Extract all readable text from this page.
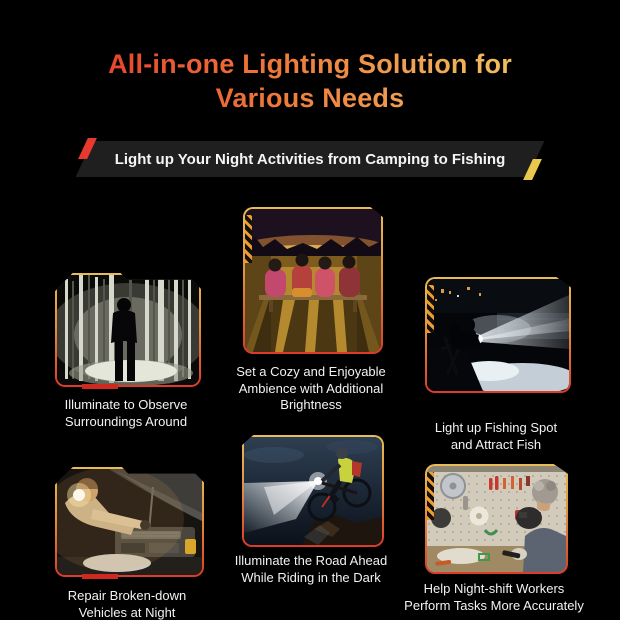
All-in-one Lighting Solution for
Various Needs
Light up Your Night Activities from Camping to Fishing
Illuminate to Observe
Surroundings Around
Set a Cozy and Enjoyable
Ambience with Additional
Brightness
Light up Fishing Spot
and Attract Fish
Repair Broken-down
Vehicles at Night
Illuminate the Road Ahead
While Riding in the Dark
Help Night-shift Workers
Perform Tasks More Accurately
